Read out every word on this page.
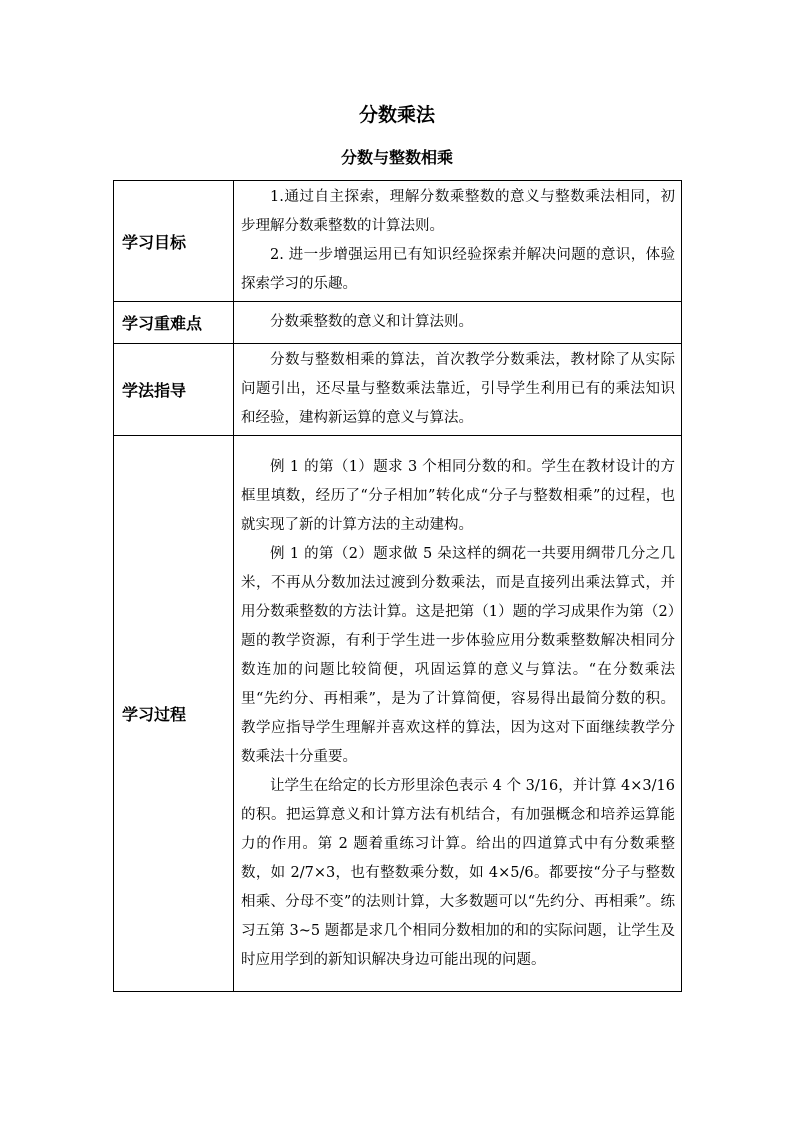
分数乘法
分数与整数相乘
学习目标	1.通过自主探索，理解分数乘整数的意义与整数乘法相同，初步理解分数乘整数的计算法则。

2. 进一步增强运用已有知识经验探索并解决问题的意识，体验探索学习的乐趣。

学习重难点	分数乘整数的意义和计算法则。

学法指导	分数与整数相乘的算法，首次教学分数乘法，教材除了从实际问题引出，还尽量与整数乘法靠近，引导学生利用已有的乘法知识和经验，建构新运算的意义与算法。

学习过程	例 1 的第（1）题求 3 个相同分数的和。学生在教材设计的方框里填数，经历了“分子相加”转化成“分子与整数相乘”的过程，也就实现了新的计算方法的主动建构。

例 1 的第（2）题求做 5 朵这样的绸花一共要用绸带几分之几米，不再从分数加法过渡到分数乘法，而是直接列出乘法算式，并用分数乘整数的方法计算。这是把第（1）题的学习成果作为第（2）题的教学资源，有利于学生进一步体验应用分数乘整数解决相同分数连加的问题比较简便，巩固运算的意义与算法。“在分数乘法里“先约分、再相乘”，是为了计算简便，容易得出最简分数的积。教学应指导学生理解并喜欢这样的算法，因为这对下面继续教学分数乘法十分重要。

让学生在给定的长方形里涂色表示 4 个 3/16，并计算 4×3/16 的积。把运算意义和计算方法有机结合，有加强概念和培养运算能力的作用。第 2 题着重练习计算。给出的四道算式中有分数乘整数，如 2/7×3，也有整数乘分数，如 4×5/6。都要按“分子与整数相乘、分母不变”的法则计算，大多数题可以“先约分、再相乘”。练习五第 3~5 题都是求几个相同分数相加的和的实际问题，让学生及时应用学到的新知识解决身边可能出现的问题。
